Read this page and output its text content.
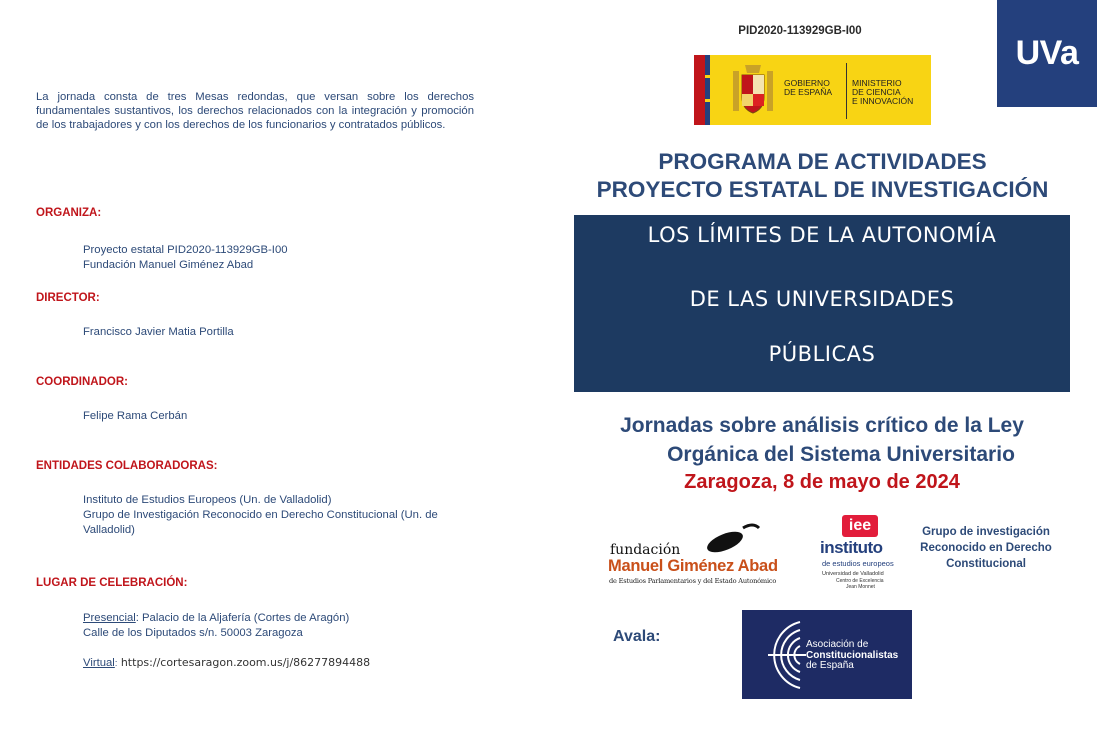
La jornada consta de tres Mesas redondas, que versan sobre los derechos fundamentales sustantivos, los derechos relacionados con la integración y promoción de los trabajadores y con los derechos de los funcionarios y contratados públicos.
ORGANIZA:
Proyecto estatal PID2020-113929GB-I00
Fundación Manuel Giménez Abad
DIRECTOR:
Francisco Javier Matia Portilla
COORDINADOR:
Felipe Rama Cerbán
ENTIDADES COLABORADORAS:
Instituto de Estudios Europeos (Un. de Valladolid)
Grupo de Investigación Reconocido en Derecho Constitucional (Un. de Valladolid)
LUGAR DE CELEBRACIÓN:
Presencial: Palacio de la Aljafería (Cortes de Aragón)
Calle de los Diputados s/n. 50003 Zaragoza
Virtual: https://cortesaragon.zoom.us/j/86277894488
PID2020-113929GB-I00
GOBIERNO
DE ESPAÑA
MINISTERIO
DE CIENCIA
E INNOVACIÓN
UVa
PROGRAMA DE ACTIVIDADES
PROYECTO ESTATAL DE INVESTIGACIÓN
LOS LÍMITES DE LA AUTONOMÍA
DE LAS UNIVERSIDADES
PÚBLICAS
Jornadas sobre análisis crítico de la Ley
Orgánica del Sistema Universitario
Zaragoza, 8 de mayo de 2024
fundación
Manuel Giménez Abad
de Estudios Parlamentarios y del Estado Autonómico
iee
instituto
de estudios europeos
Universidad de Valladolid
Centro de Excelencia
Jean Monnet
Grupo de investigación
Reconocido en Derecho
Constitucional
Avala:	Asociación de
Constitucionalistas
de España
